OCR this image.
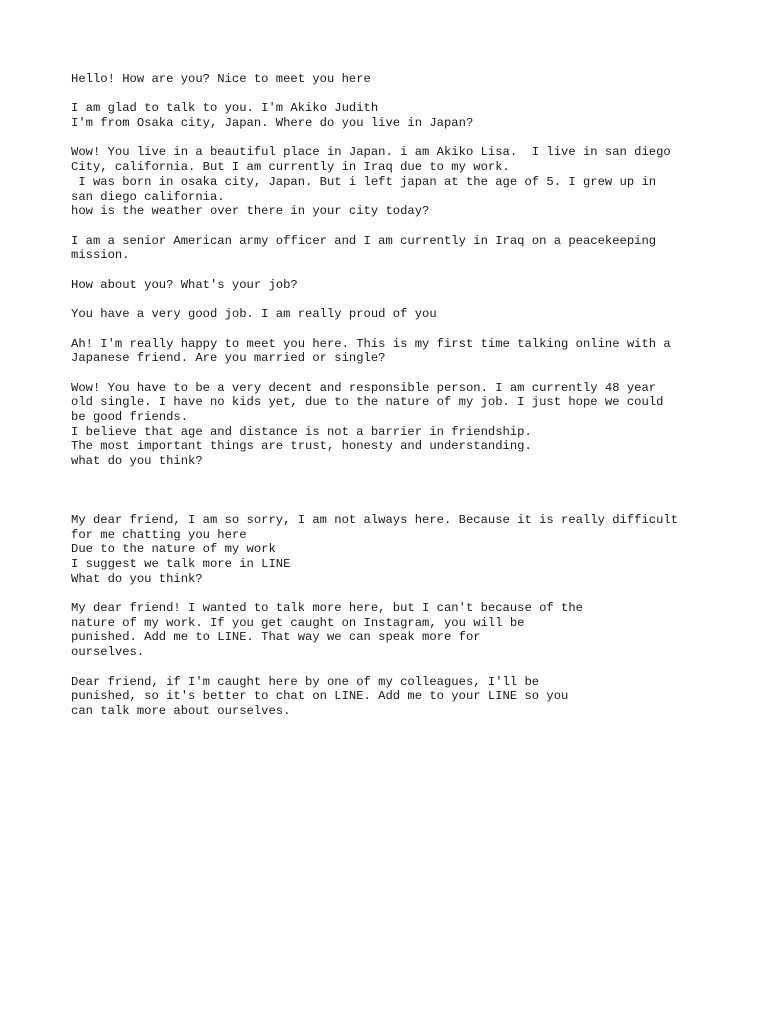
Hello! How are you? Nice to meet you here

I am glad to talk to you. I'm Akiko Judith
I'm from Osaka city, Japan. Where do you live in Japan?

Wow! You live in a beautiful place in Japan. i am Akiko Lisa.  I live in san diego
City, california. But I am currently in Iraq due to my work.
I was born in osaka city, Japan. But i left japan at the age of 5. I grew up in
san diego california.
how is the weather over there in your city today?

I am a senior American army officer and I am currently in Iraq on a peacekeeping
mission.

How about you? What's your job?

You have a very good job. I am really proud of you

Ah! I'm really happy to meet you here. This is my first time talking online with a
Japanese friend. Are you married or single?

Wow! You have to be a very decent and responsible person. I am currently 48 year
old single. I have no kids yet, due to the nature of my job. I just hope we could
be good friends.
I believe that age and distance is not a barrier in friendship.
The most important things are trust, honesty and understanding.
what do you think?

My dear friend, I am so sorry, I am not always here. Because it is really difficult
for me chatting you here
Due to the nature of my work
I suggest we talk more in LINE
What do you think?

My dear friend! I wanted to talk more here, but I can't because of the
nature of my work. If you get caught on Instagram, you will be
punished. Add me to LINE. That way we can speak more for
ourselves.

Dear friend, if I'm caught here by one of my colleagues, I'll be
punished, so it's better to chat on LINE. Add me to your LINE so you
can talk more about ourselves.
